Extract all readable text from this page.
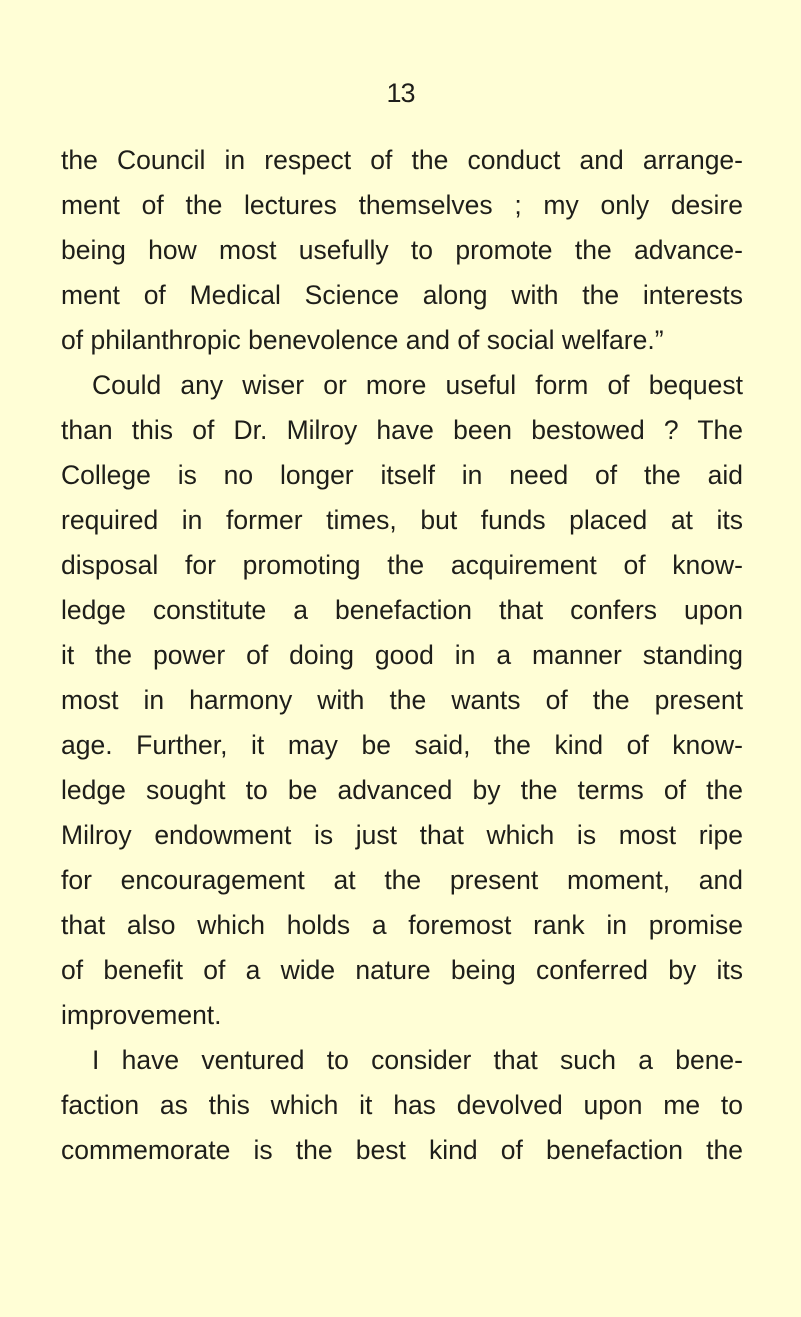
13
the Council in respect of the conduct and arrange-
ment of the lectures themselves ; my only desire
being how most usefully to promote the advance-
ment of Medical Science along with the interests
of philanthropic benevolence and of social welfare.”
Could any wiser or more useful form of bequest
than this of Dr. Milroy have been bestowed ? The
College is no longer itself in need of the aid
required in former times, but funds placed at its
disposal for promoting the acquirement of know-
ledge constitute a benefaction that confers upon
it the power of doing good in a manner standing
most in harmony with the wants of the present
age. Further, it may be said, the kind of know-
ledge sought to be advanced by the terms of the
Milroy endowment is just that which is most ripe
for encouragement at the present moment, and
that also which holds a foremost rank in promise
of benefit of a wide nature being conferred by its
improvement.
I have ventured to consider that such a bene-
faction as this which it has devolved upon me to
commemorate is the best kind of benefaction the
